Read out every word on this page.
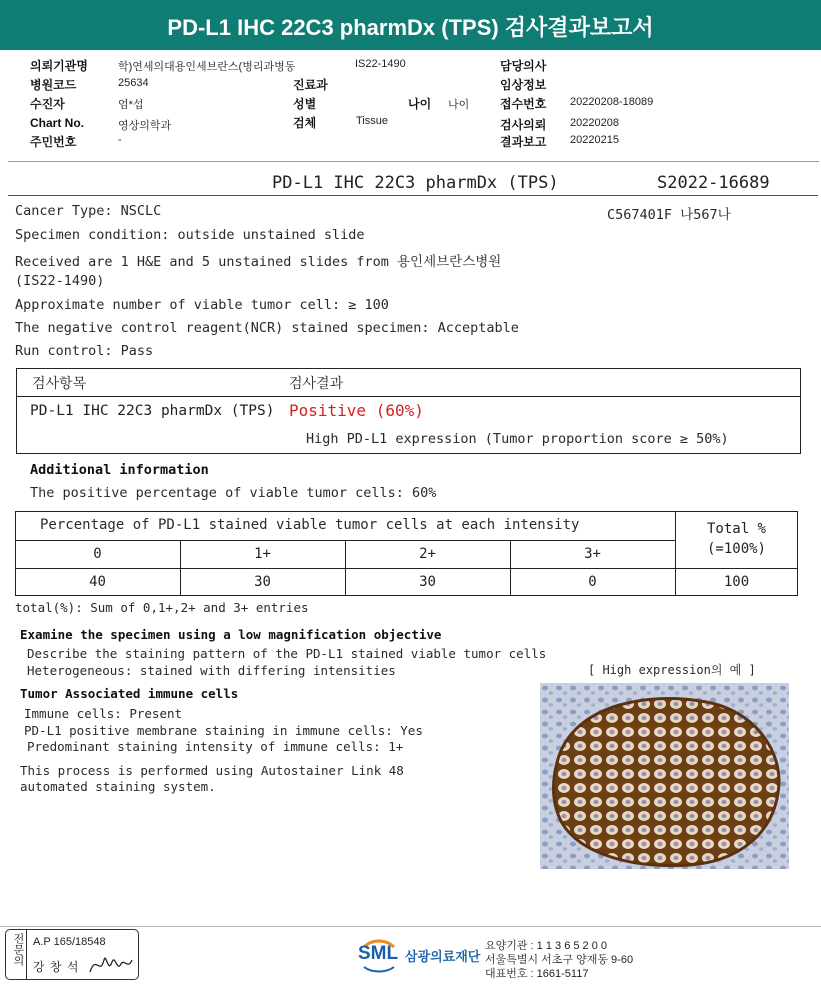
PD-L1 IHC 22C3 pharmDx (TPS) 검사결과보고서
의뢰기관명	학)연세의대용인세브란스(병리과병동	IS22-1490	담당의사
병원코드	25634	진료과	임상정보
수진자	엄*섭	성별	나이 나이	접수번호 20220208-18089
Chart No.	영상의학과	검체	Tissue	검사의뢰 20220208
주민번호	-	결과보고 20220215
PD-L1 IHC 22C3 pharmDx (TPS)	S2022-16689
Cancer Type: NSCLC	C567401F 나567나
Specimen condition: outside unstained slide
Received are 1 H&E and 5 unstained slides from 용인세브란스병원
(IS22-1490)
Approximate number of viable tumor cell: ≥ 100
The negative control reagent(NCR) stained specimen: Acceptable
Run control: Pass
검사항목	검사결과
PD-L1 IHC 22C3 pharmDx (TPS) Positive (60%)
High PD-L1 expression (Tumor proportion score ≥ 50%)
Additional information
The positive percentage of viable tumor cells: 60%
Percentage of PD-L1 stained viable tumor cells at each intensity	Total %
(=100%)
0	1+	2+	3+
40	30	30	0	100
total(%): Sum of 0,1+,2+ and 3+ entries
Examine the specimen using a low magnification objective
Describe the staining pattern of the PD-L1 stained viable tumor cells
Heterogeneous: stained with differing intensities	[ High expression의 예 ]
Tumor Associated immune cells
Immune cells: Present
PD-L1 positive membrane staining in immune cells: Yes
Predominant staining intensity of immune cells: 1+
This process is performed using Autostainer Link 48
automated staining system.
전문의 A.P 165/18548
강 창 석
SML 삼광의료재단
요양기관 : 1 1 3 6 5 2 0 0
서울특별시 서초구 양재동 9-60
대표번호 : 1661-5117
